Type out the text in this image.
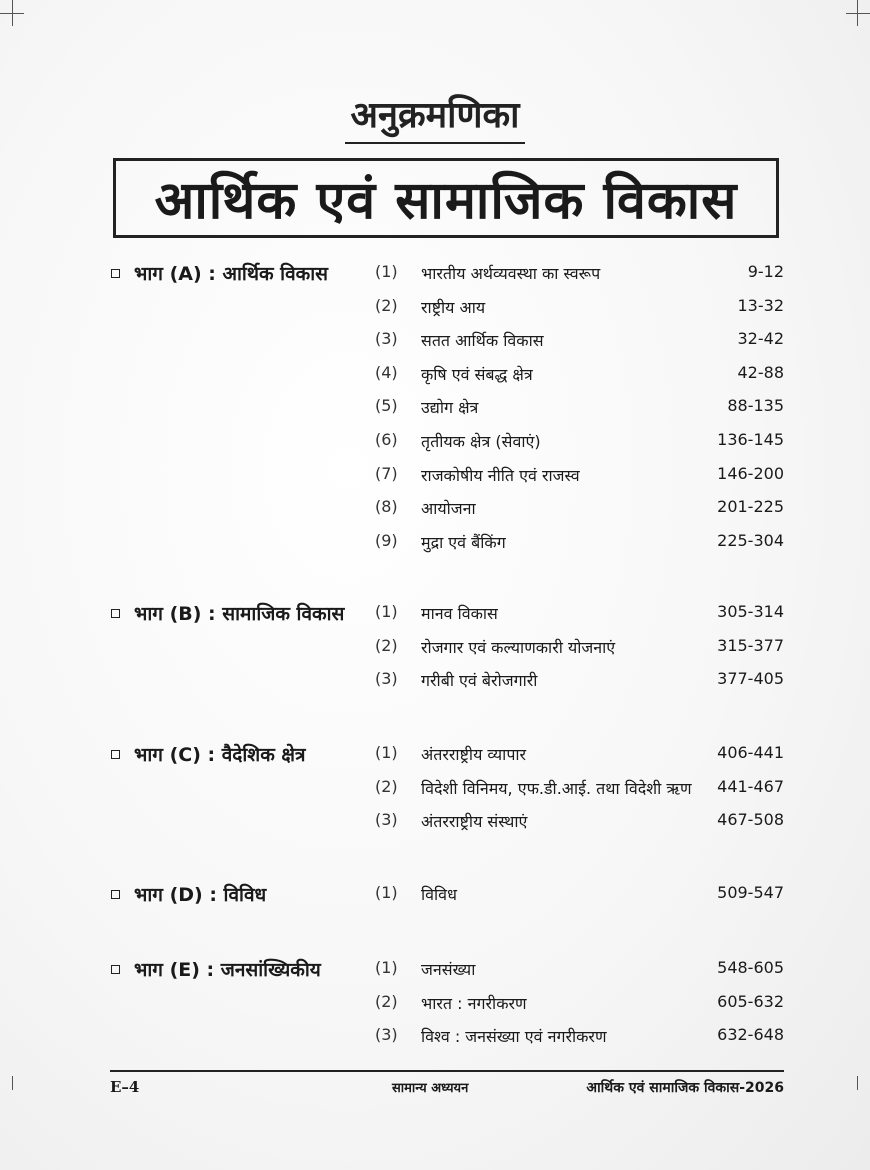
अनुक्रमणिका
आर्थिक एवं सामाजिक विकास
भाग (A) : आर्थिक विकास	(1) भारतीय अर्थव्यवस्था का स्वरूप	9-12
(2) राष्ट्रीय आय	13-32
(3) सतत आर्थिक विकास	32-42
(4) कृषि एवं संबद्ध क्षेत्र	42-88
(5) उद्योग क्षेत्र	88-135
(6) तृतीयक क्षेत्र (सेवाएं)	136-145
(7) राजकोषीय नीति एवं राजस्व	146-200
(8) आयोजना	201-225
(9) मुद्रा एवं बैंकिंग	225-304
भाग (B) : सामाजिक विकास (1) मानव विकास	305-314
(2) रोजगार एवं कल्याणकारी योजनाएं	315-377
(3) गरीबी एवं बेरोजगारी	377-405
भाग (C) : वैदेशिक क्षेत्र	(1) अंतरराष्ट्रीय व्यापार	406-441
(2) विदेशी विनिमय, एफ.डी.आई. तथा विदेशी ऋण 441-467
(3) अंतरराष्ट्रीय संस्थाएं	467-508
भाग (D) : विविध	(1) विविध	509-547
भाग (E) : जनसांख्यिकीय	(1) जनसंख्या	548-605
(2) भारत : नगरीकरण	605-632
(3) विश्व : जनसंख्या एवं नगरीकरण	632-648
E–4	सामान्य अध्ययन	आर्थिक एवं सामाजिक विकास-2026
